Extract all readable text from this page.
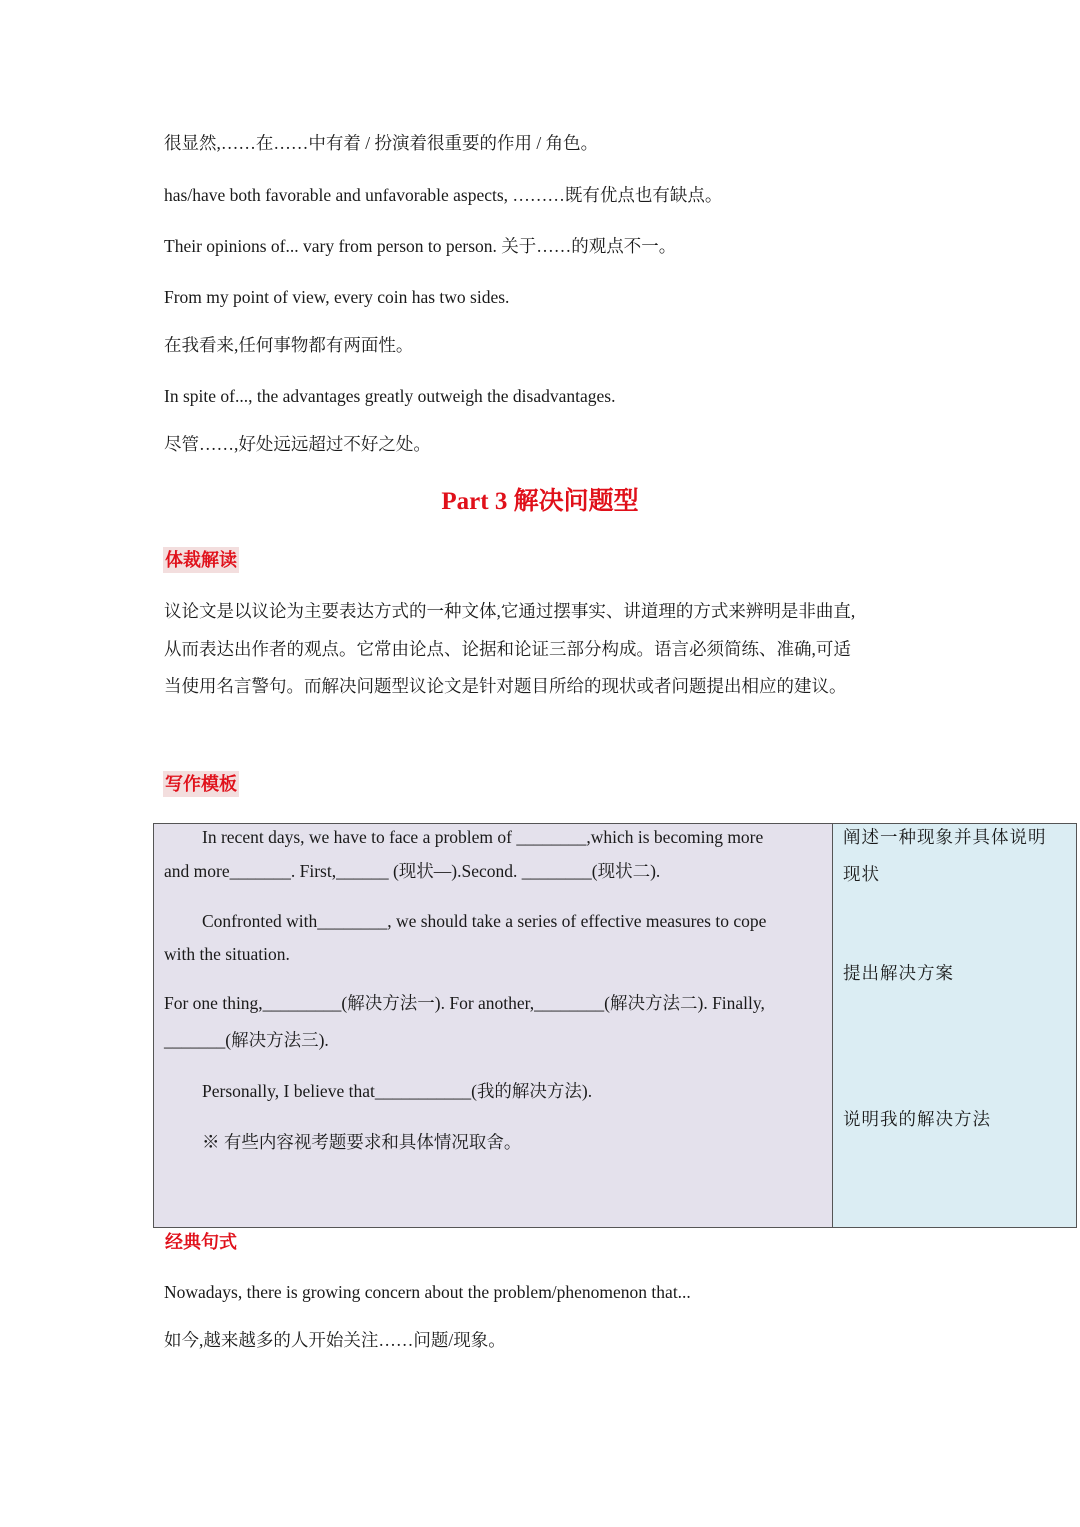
很显然,……在……中有着 / 扮演着很重要的作用 / 角色。
has/have both favorable and unfavorable aspects, ………既有优点也有缺点。
Their opinions of... vary from person to person. 关于……的观点不一。
From my point of view, every coin has two sides.
在我看来,任何事物都有两面性。
In spite of..., the advantages greatly outweigh the disadvantages.
尽管……,好处远远超过不好之处。
Part 3 解决问题型
体裁解读
议论文是以议论为主要表达方式的一种文体,它通过摆事实、讲道理的方式来辨明是非曲直,
从而表达出作者的观点。它常由论点、论据和论证三部分构成。语言必须简练、准确,可适
当使用名言警句。而解决问题型议论文是针对题目所给的现状或者问题提出相应的建议。
写作模板
In recent days, we have to face a problem of ________,which is becoming more
and more_______. First,______ (现状—).Second. ________(现状二).
Confronted with________, we should take a series of effective measures to cope
with the situation.
For one thing,_________(解决方法一). For another,________(解决方法二). Finally,
_______(解决方法三).
Personally, I believe that___________(我的解决方法).
※ 有些内容视考题要求和具体情况取舍。
阐述一种现象并具体说明
现状
提出解决方案
说明我的解决方法
经典句式
Nowadays, there is growing concern about the problem/phenomenon that...
如今,越来越多的人开始关注……问题/现象。
